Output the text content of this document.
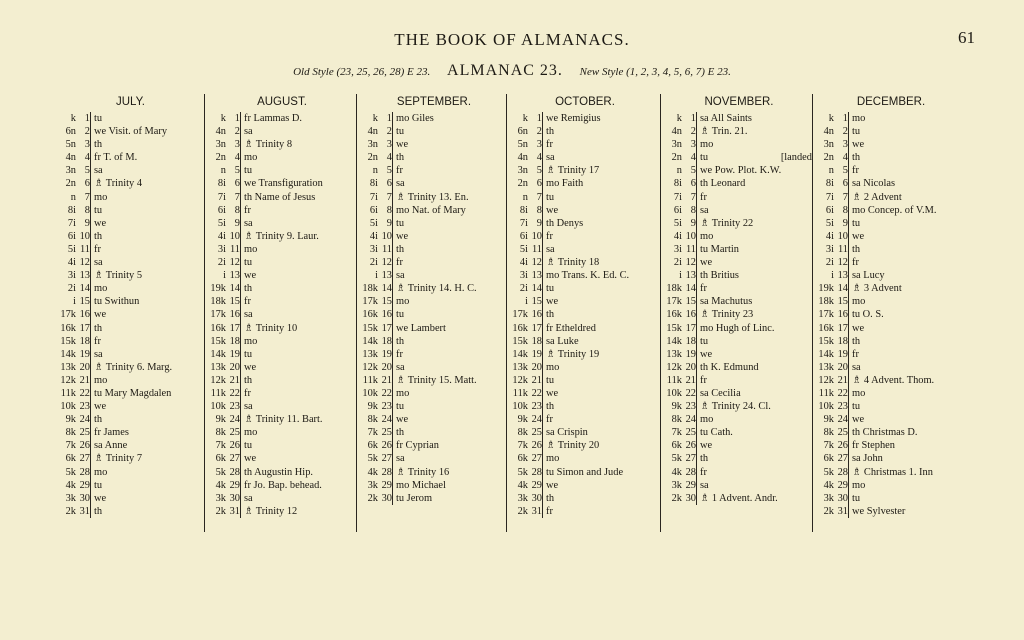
THE BOOK OF ALMANACS.	61
Old Style (23, 25, 26, 28) E 23. ALMANAC 23. New Style (1, 2, 3, 4, 5, 6, 7) E 23.
JULY.
k 1 tu
6n 2 we Visit. of Mary
5n 3 th
4n 4 fr T. of M.
3n 5 sa
2n 6 ♗ Trinity 4
n 7 mo
8i 8 tu
7i 9 we
6i 10 th
5i 11 fr
4i 12 sa
3i 13 ♗ Trinity 5
2i 14 mo
i 15 tu Swithun
17k 16 we
16k 17 th
15k 18 fr
14k 19 sa
13k 20 ♗ Trinity 6. Marg.
12k 21 mo
11k 22 tu Mary Magdalen
10k 23 we
9k 24 th
8k 25 fr James
7k 26 sa Anne
6k 27 ♗ Trinity 7
5k 28 mo
4k 29 tu
3k 30 we
2k 31 th
AUGUST.
k 1 fr Lammas D.
4n 2 sa
3n 3 ♗ Trinity 8
2n 4 mo
n 5 tu
8i 6 we Transfiguration
7i 7 th Name of Jesus
6i 8 fr
5i 9 sa
4i 10 ♗ Trinity 9. Laur.
3i 11 mo
2i 12 tu
i 13 we
19k 14 th
18k 15 fr
17k 16 sa
16k 17 ♗ Trinity 10
15k 18 mo
14k 19 tu
13k 20 we
12k 21 th
11k 22 fr
10k 23 sa
9k 24 ♗ Trinity 11. Bart.
8k 25 mo
7k 26 tu
6k 27 we
5k 28 th Augustin Hip.
4k 29 fr Jo. Bap. behead.
3k 30 sa
2k 31 ♗ Trinity 12
SEPTEMBER.
k 1 mo Giles
4n 2 tu
3n 3 we
2n 4 th
n 5 fr
8i 6 sa
7i 7 ♗ Trinity 13. En.
6i 8 mo Nat. of Mary
5i 9 tu
4i 10 we
3i 11 th
2i 12 fr
i 13 sa
18k 14 ♗ Trinity 14. H. C.
17k 15 mo
16k 16 tu
15k 17 we Lambert
14k 18 th
13k 19 fr
12k 20 sa
11k 21 ♗ Trinity 15. Matt.
10k 22 mo
9k 23 tu
8k 24 we
7k 25 th
6k 26 fr Cyprian
5k 27 sa
4k 28 ♗ Trinity 16
3k 29 mo Michael
2k 30 tu Jerom
OCTOBER.
k 1 we Remigius
6n 2 th
5n 3 fr
4n 4 sa
3n 5 ♗ Trinity 17
2n 6 mo Faith
n 7 tu
8i 8 we
7i 9 th Denys
6i 10 fr
5i 11 sa
4i 12 ♗ Trinity 18
3i 13 mo Trans. K. Ed. C.
2i 14 tu
i 15 we
17k 16 th
16k 17 fr Etheldred
15k 18 sa Luke
14k 19 ♗ Trinity 19
13k 20 mo
12k 21 tu
11k 22 we
10k 23 th
9k 24 fr
8k 25 sa Crispin
7k 26 ♗ Trinity 20
6k 27 mo
5k 28 tu Simon and Jude
4k 29 we
3k 30 th
2k 31 fr
NOVEMBER.
k 1 sa All Saints
4n 2 ♗ Trin. 21.
3n 3 mo
2n 4 tu	[landed
n 5 we Pow. Plot. K.W.
8i 6 th Leonard
7i 7 fr
6i 8 sa
5i 9 ♗ Trinity 22
4i 10 mo
3i 11 tu Martin
2i 12 we
i 13 th Britius
18k 14 fr
17k 15 sa Machutus
16k 16 ♗ Trinity 23
15k 17 mo Hugh of Linc.
14k 18 tu
13k 19 we
12k 20 th K. Edmund
11k 21 fr
10k 22 sa Cecilia
9k 23 ♗ Trinity 24. Cl.
8k 24 mo
7k 25 tu Cath.
6k 26 we
5k 27 th
4k 28 fr
3k 29 sa
2k 30 ♗ 1 Advent. Andr.
DECEMBER.
k 1 mo
4n 2 tu
3n 3 we
2n 4 th
n 5 fr
8i 6 sa Nicolas
7i 7 ♗ 2 Advent
6i 8 mo Concep. of V.M.
5i 9 tu
4i 10 we
3i 11 th
2i 12 fr
i 13 sa Lucy
19k 14 ♗ 3 Advent
18k 15 mo
17k 16 tu O. S.
16k 17 we
15k 18 th
14k 19 fr
13k 20 sa
12k 21 ♗ 4 Advent. Thom.
11k 22 mo
10k 23 tu
9k 24 we
8k 25 th Christmas D.
7k 26 fr Stephen
6k 27 sa John
5k 28 ♗ Christmas 1. Inn
4k 29 mo
3k 30 tu
2k 31 we Sylvester
